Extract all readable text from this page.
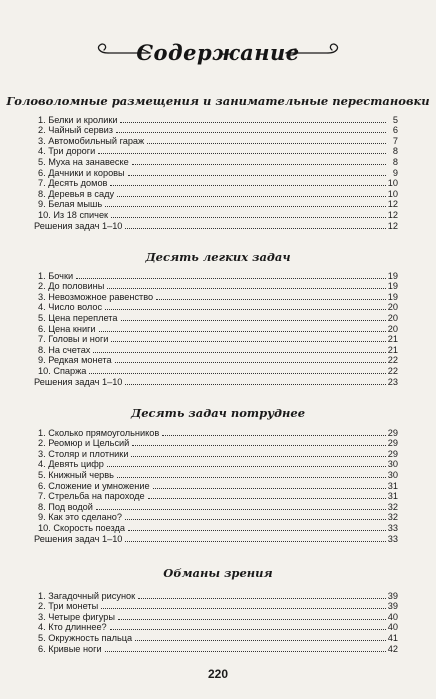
Содержание
Головоломные размещения и занимательные перестановки
1. Белки и кролики	5
2. Чайный сервиз	6
3. Автомобильный гараж	7
4. Три дороги	8
5. Муха на занавеске	8
6. Дачники и коровы	9
7. Десять домов	10
8. Деревья в саду	10
9. Белая мышь	12
10. Из 18 спичек	12
Решения задач 1–10	12
Десять легких задач
1. Бочки	19
2. До половины	19
3. Невозможное равенство	19
4. Число волос	20
5. Цена переплета	20
6. Цена книги	20
7. Головы и ноги	21
8. На счетах	21
9. Редкая монета	22
10. Спаржа	22
Решения задач 1–10	23
Десять задач потруднее
1. Сколько прямоугольников	29
2. Реомюр и Цельсий	29
3. Столяр и плотники	29
4. Девять цифр	30
5. Книжный червь	30
6. Сложение и умножение	31
7. Стрельба на пароходе	31
8. Под водой	32
9. Как это сделано?	32
10. Скорость поезда	33
Решения задач 1–10	33
Обманы зрения
1. Загадочный рисунок	39
2. Три монеты	39
3. Четыре фигуры	40
4. Кто длиннее?	40
5. Окружность пальца	41
6. Кривые ноги	42
220
